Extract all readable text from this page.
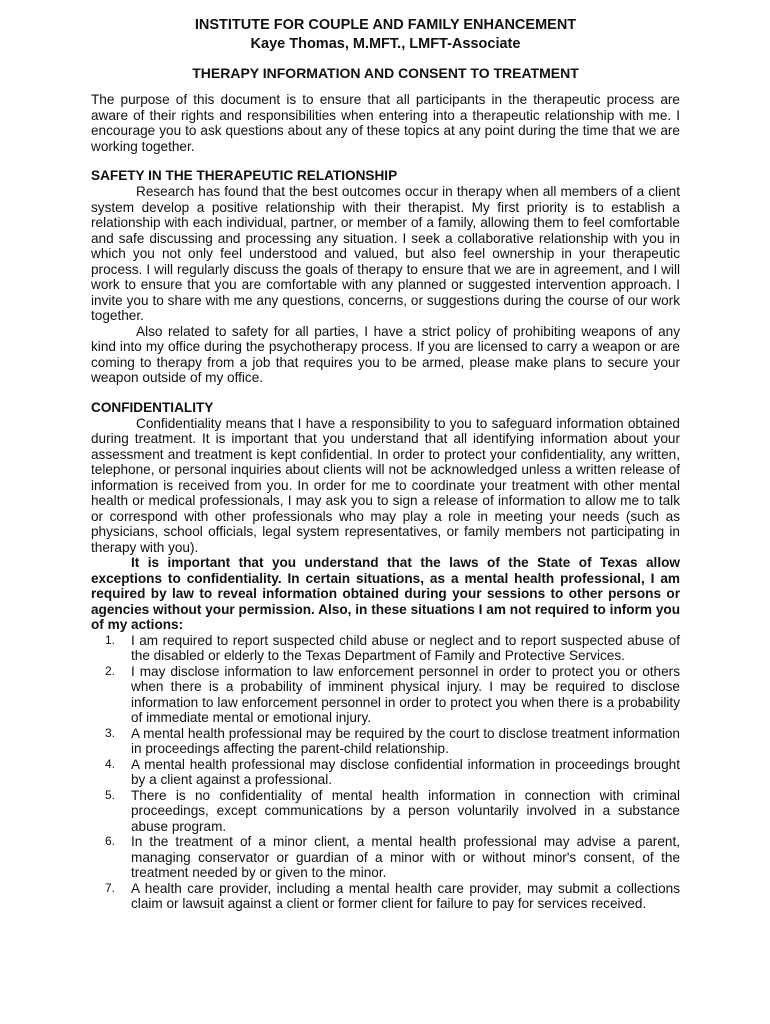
INSTITUTE FOR COUPLE AND FAMILY ENHANCEMENT
Kaye Thomas, M.MFT., LMFT-Associate
THERAPY INFORMATION AND CONSENT TO TREATMENT

The purpose of this document is to ensure that all participants in the therapeutic process are aware of their rights and responsibilities when entering into a therapeutic relationship with me. I encourage you to ask questions about any of these topics at any point during the time that we are working together.

SAFETY IN THE THERAPEUTIC RELATIONSHIP

Research has found that the best outcomes occur in therapy when all members of a client system develop a positive relationship with their therapist. My first priority is to establish a relationship with each individual, partner, or member of a family, allowing them to feel comfortable and safe discussing and processing any situation. I seek a collaborative relationship with you in which you not only feel understood and valued, but also feel ownership in your therapeutic process. I will regularly discuss the goals of therapy to ensure that we are in agreement, and I will work to ensure that you are comfortable with any planned or suggested intervention approach. I invite you to share with me any questions, concerns, or suggestions during the course of our work together.

Also related to safety for all parties, I have a strict policy of prohibiting weapons of any kind into my office during the psychotherapy process. If you are licensed to carry a weapon or are coming to therapy from a job that requires you to be armed, please make plans to secure your weapon outside of my office.

CONFIDENTIALITY

Confidentiality means that I have a responsibility to you to safeguard information obtained during treatment. It is important that you understand that all identifying information about your assessment and treatment is kept confidential. In order to protect your confidentiality, any written, telephone, or personal inquiries about clients will not be acknowledged unless a written release of information is received from you. In order for me to coordinate your treatment with other mental health or medical professionals, I may ask you to sign a release of information to allow me to talk or correspond with other professionals who may play a role in meeting your needs (such as physicians, school officials, legal system representatives, or family members not participating in therapy with you).

It is important that you understand that the laws of the State of Texas allow exceptions to confidentiality. In certain situations, as a mental health professional, I am required by law to reveal information obtained during your sessions to other persons or agencies without your permission. Also, in these situations I am not required to inform you of my actions:

1.	I am required to report suspected child abuse or neglect and to report suspected abuse of the disabled or elderly to the Texas Department of Family and Protective Services.
2.	I may disclose information to law enforcement personnel in order to protect you or others when there is a probability of imminent physical injury. I may be required to disclose information to law enforcement personnel in order to protect you when there is a probability of immediate mental or emotional injury.
3.	A mental health professional may be required by the court to disclose treatment information in proceedings affecting the parent-child relationship.
4.	A mental health professional may disclose confidential information in proceedings brought by a client against a professional.
5.	There is no confidentiality of mental health information in connection with criminal proceedings, except communications by a person voluntarily involved in a substance abuse program.
6.	In the treatment of a minor client, a mental health professional may advise a parent, managing conservator or guardian of a minor with or without minor's consent, of the treatment needed by or given to the minor.
7.	A health care provider, including a mental health care provider, may submit a collections claim or lawsuit against a client or former client for failure to pay for services received.
